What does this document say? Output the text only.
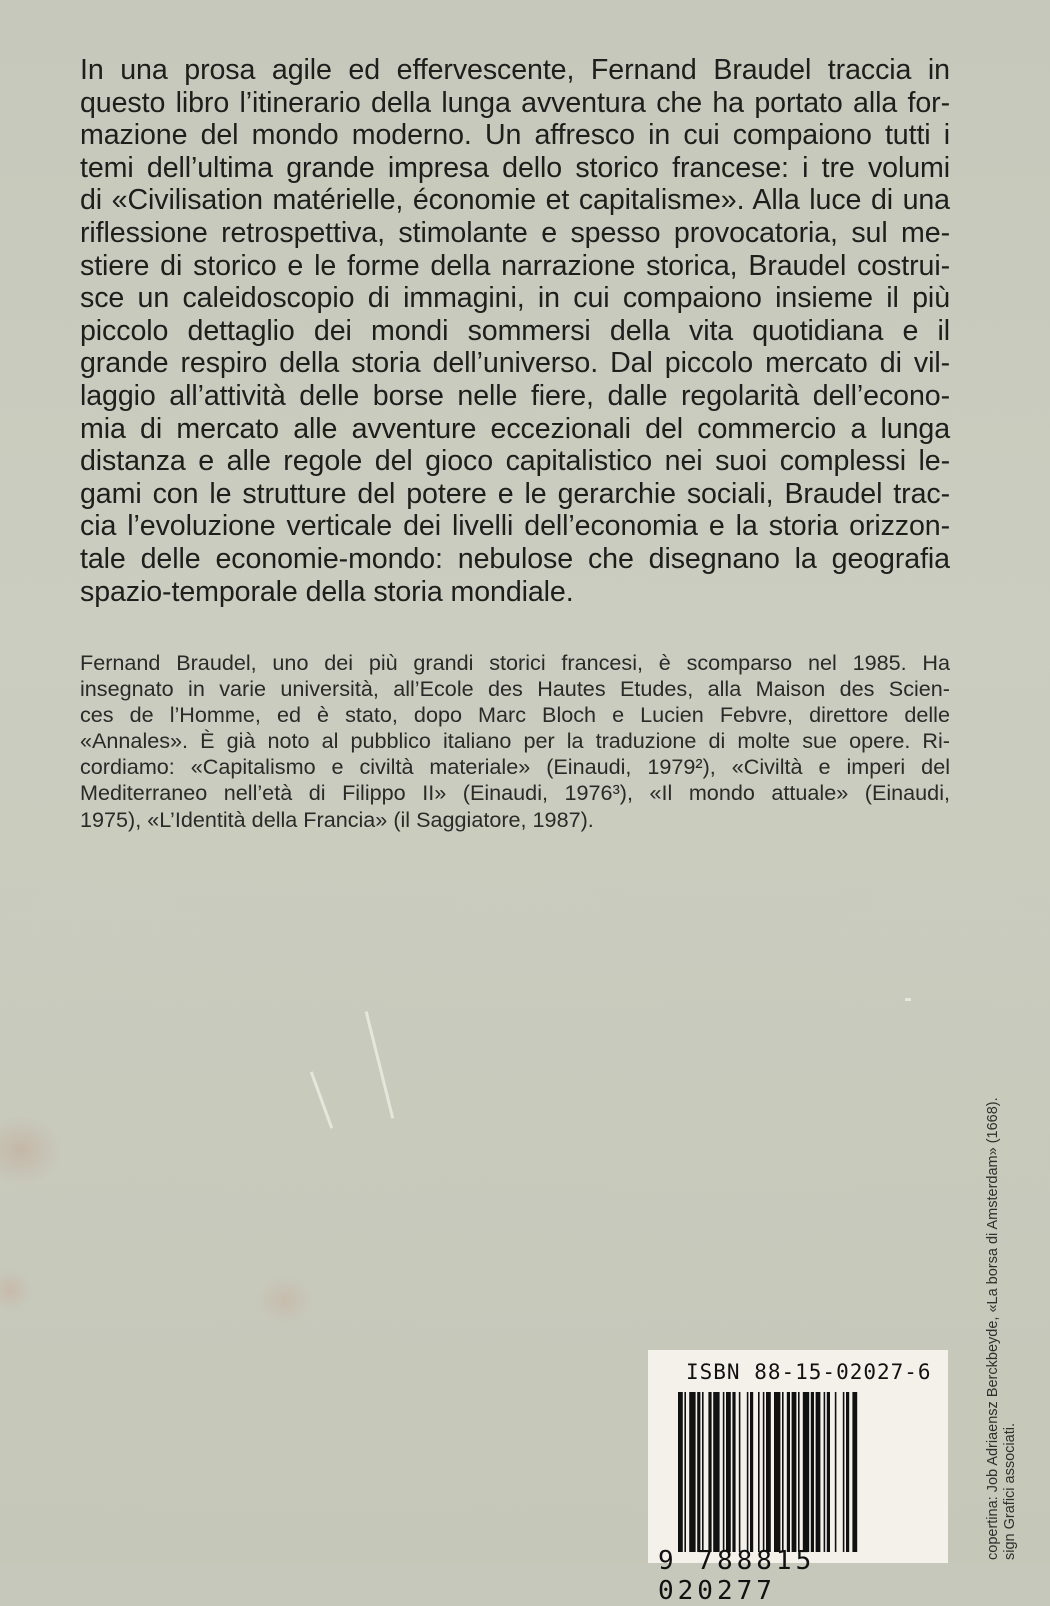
In una prosa agile ed effervescente, Fernand Braudel traccia in
questo libro l’itinerario della lunga avventura che ha portato alla for-
mazione del mondo moderno. Un affresco in cui compaiono tutti i
temi dell’ultima grande impresa dello storico francese: i tre volumi
di «Civilisation matérielle, économie et capitalisme». Alla luce di una
riflessione retrospettiva, stimolante e spesso provocatoria, sul me-
stiere di storico e le forme della narrazione storica, Braudel costrui-
sce un caleidoscopio di immagini, in cui compaiono insieme il più
piccolo dettaglio dei mondi sommersi della vita quotidiana e il
grande respiro della storia dell’universo. Dal piccolo mercato di vil-
laggio all’attività delle borse nelle fiere, dalle regolarità dell’econo-
mia di mercato alle avventure eccezionali del commercio a lunga
distanza e alle regole del gioco capitalistico nei suoi complessi le-
gami con le strutture del potere e le gerarchie sociali, Braudel trac-
cia l’evoluzione verticale dei livelli dell’economia e la storia orizzon-
tale delle economie-mondo: nebulose che disegnano la geografia
spazio-temporale della storia mondiale.
Fernand Braudel, uno dei più grandi storici francesi, è scomparso nel 1985. Ha
insegnato in varie università, all’Ecole des Hautes Etudes, alla Maison des Scien-
ces de l’Homme, ed è stato, dopo Marc Bloch e Lucien Febvre, direttore delle
«Annales». È già noto al pubblico italiano per la traduzione di molte sue opere. Ri-
cordiamo: «Capitalismo e civiltà materiale» (Einaudi, 1979²), «Civiltà e imperi del
Mediterraneo nell’età di Filippo II» (Einaudi, 1976³), «Il mondo attuale» (Einaudi,
1975), «L’Identità della Francia» (il Saggiatore, 1987).
copertina: Job Adriaensz Berckbeyde, «La borsa di Amsterdam» (1668). sign Grafici associati.
ISBN 88-15-02027-6
9 788815 020277
